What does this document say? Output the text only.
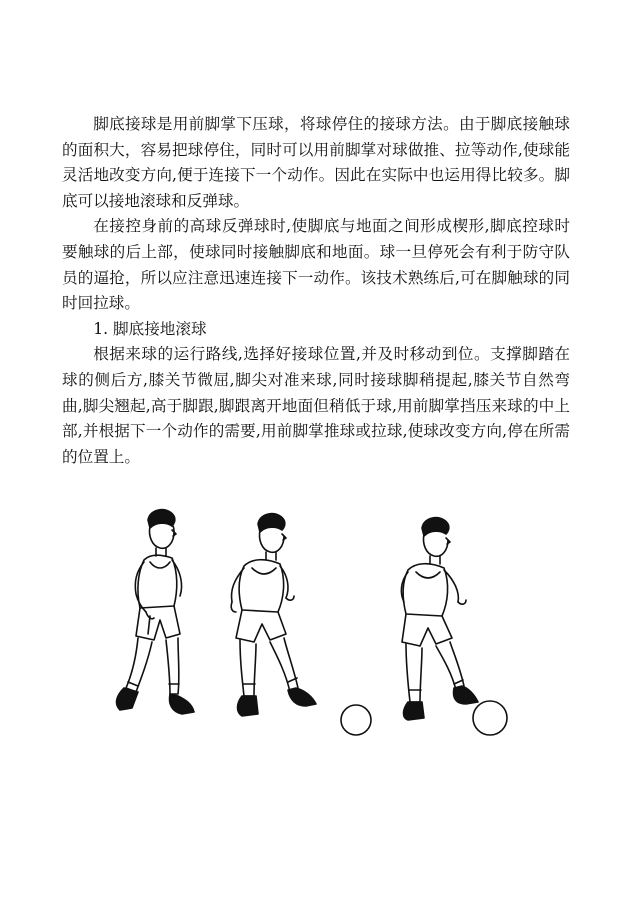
脚底接球是用前脚掌下压球，将球停住的接球方法。由于脚底接触球的面积大，容易把球停住，同时可以用前脚掌对球做推、拉等动作,使球能灵活地改变方向,便于连接下一个动作。因此在实际中也运用得比较多。脚底可以接地滚球和反弹球。

在接控身前的高球反弹球时,使脚底与地面之间形成楔形,脚底控球时要触球的后上部，使球同时接触脚底和地面。球一旦停死会有利于防守队员的逼抢，所以应注意迅速连接下一动作。该技术熟练后,可在脚触球的同时回拉球。

1. 脚底接地滚球

根据来球的运行路线,选择好接球位置,并及时移动到位。支撑脚踏在球的侧后方,膝关节微屈,脚尖对准来球,同时接球脚稍提起,膝关节自然弯曲,脚尖翘起,高于脚跟,脚跟离开地面但稍低于球,用前脚掌挡压来球的中上部,并根据下一个动作的需要,用前脚掌推球或拉球,使球改变方向,停在所需的位置上。
